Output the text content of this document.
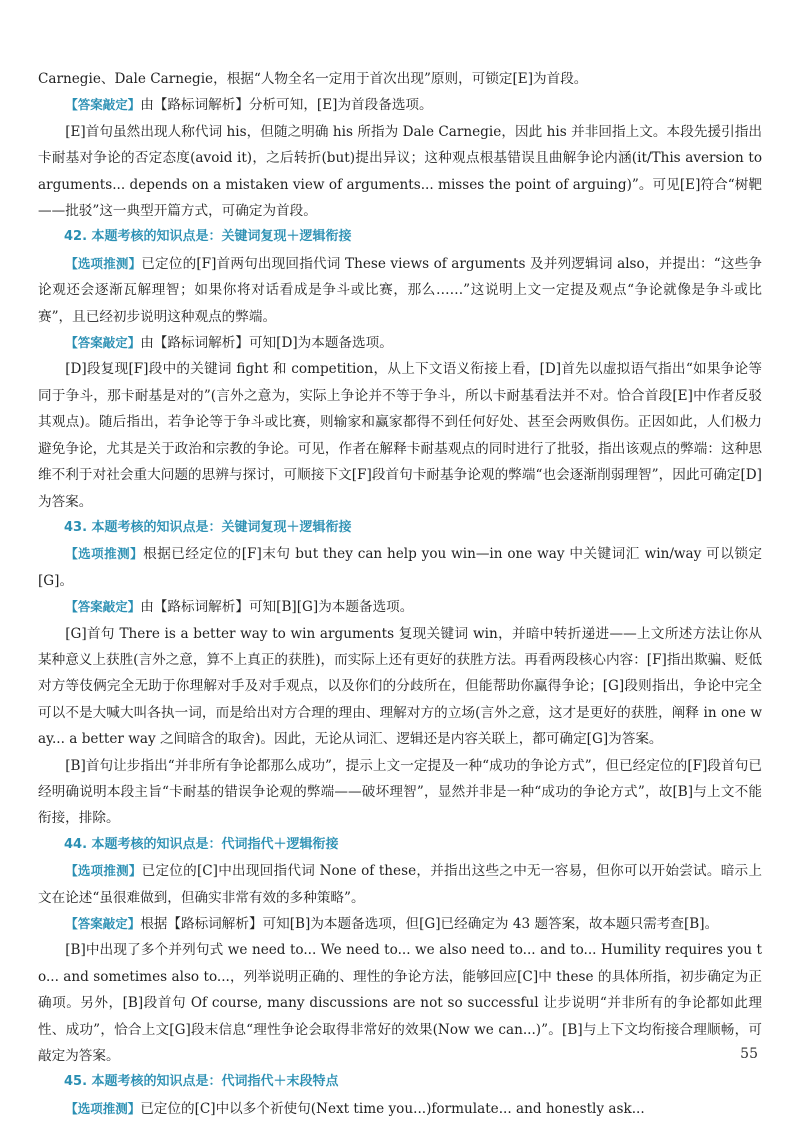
Carnegie、Dale Carnegie，根据“人物全名一定用于首次出现”原则，可锁定[E]为首段。

【答案敲定】由【路标词解析】分析可知，[E]为首段备选项。

[E]首句虽然出现人称代词 his，但随之明确 his 所指为 Dale Carnegie，因此 his 并非回指上文。本段先援引指出卡耐基对争论的否定态度(avoid it)，之后转折(but)提出异议；这种观点根基错误且曲解争论内涵(it/This aversion to arguments... depends on a mistaken view of arguments... misses the point of arguing)”。可见[E]符合“树靶——批驳”这一典型开篇方式，可确定为首段。

42. 本题考核的知识点是：关键词复现＋逻辑衔接

【选项推测】已定位的[F]首两句出现回指代词 These views of arguments 及并列逻辑词 also，并提出：“这些争论观还会逐渐瓦解理智；如果你将对话看成是争斗或比赛，那么……”这说明上文一定提及观点“争论就像是争斗或比赛”，且已经初步说明这种观点的弊端。

【答案敲定】由【路标词解析】可知[D]为本题备选项。

[D]段复现[F]段中的关键词 fight 和 competition，从上下文语义衔接上看，[D]首先以虚拟语气指出“如果争论等同于争斗，那卡耐基是对的”(言外之意为，实际上争论并不等于争斗，所以卡耐基看法并不对。恰合首段[E]中作者反驳其观点)。随后指出，若争论等于争斗或比赛，则输家和赢家都得不到任何好处、甚至会两败俱伤。正因如此，人们极力避免争论，尤其是关于政治和宗教的争论。可见，作者在解释卡耐基观点的同时进行了批驳，指出该观点的弊端：这种思维不利于对社会重大问题的思辨与探讨，可顺接下文[F]段首句卡耐基争论观的弊端“也会逐渐削弱理智”，因此可确定[D]为答案。

43. 本题考核的知识点是：关键词复现＋逻辑衔接

【选项推测】根据已经定位的[F]末句 but they can help you win—in one way 中关键词汇 win/way 可以锁定[G]。

【答案敲定】由【路标词解析】可知[B][G]为本题备选项。

[G]首句 There is a better way to win arguments 复现关键词 win，并暗中转折递进——上文所述方法让你从某种意义上获胜(言外之意，算不上真正的获胜)，而实际上还有更好的获胜方法。再看两段核心内容：[F]指出欺骗、贬低对方等伎俩完全无助于你理解对手及对手观点，以及你们的分歧所在，但能帮助你赢得争论；[G]段则指出，争论中完全可以不是大喊大叫各执一词，而是给出对方合理的理由、理解对方的立场(言外之意，这才是更好的获胜，阐释 in one way... a better way 之间暗含的取舍)。因此，无论从词汇、逻辑还是内容关联上，都可确定[G]为答案。

[B]首句让步指出“并非所有争论都那么成功”，提示上文一定提及一种“成功的争论方式”，但已经定位的[F]段首句已经明确说明本段主旨“卡耐基的错误争论观的弊端——破坏理智”，显然并非是一种“成功的争论方式”，故[B]与上文不能衔接，排除。

44. 本题考核的知识点是：代词指代＋逻辑衔接

【选项推测】已定位的[C]中出现回指代词 None of these，并指出这些之中无一容易，但你可以开始尝试。暗示上文在论述“虽很难做到，但确实非常有效的多种策略”。

【答案敲定】根据【路标词解析】可知[B]为本题备选项，但[G]已经确定为 43 题答案，故本题只需考查[B]。

[B]中出现了多个并列句式 we need to... We need to... we also need to... and to... Humility requires you to... and sometimes also to...，列举说明正确的、理性的争论方法，能够回应[C]中 these 的具体所指，初步确定为正确项。另外，[B]段首句 Of course, many discussions are not so successful 让步说明“并非所有的争论都如此理性、成功”，恰合上文[G]段末信息“理性争论会取得非常好的效果(Now we can...)”。[B]与上下文均衔接合理顺畅，可敲定为答案。

45. 本题考核的知识点是：代词指代＋末段特点

【选项推测】已定位的[C]中以多个祈使句(Next time you...)formulate... and honestly ask...

55
